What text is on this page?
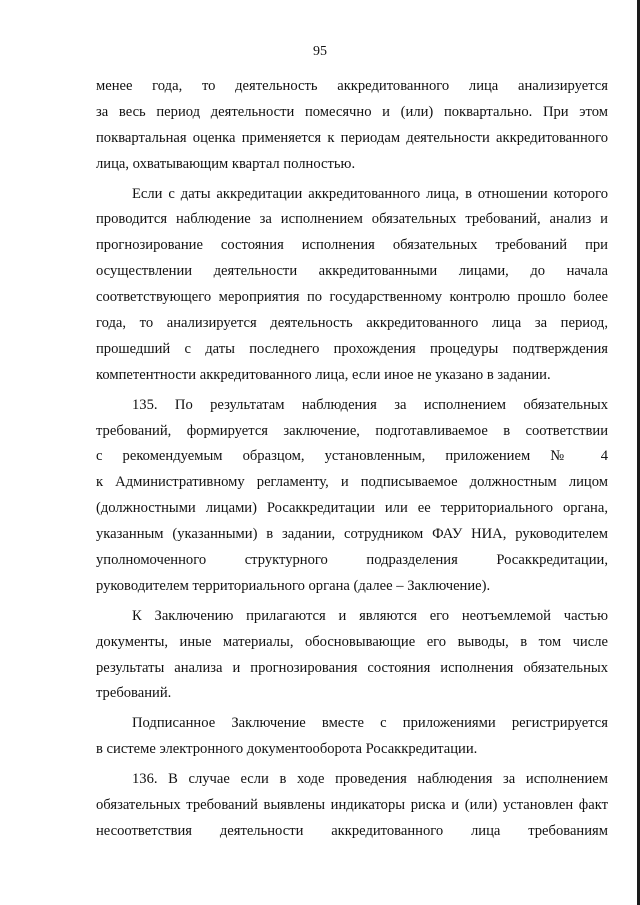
95
менее года, то деятельность аккредитованного лица анализируется
за весь период деятельности помесячно и (или) поквартально. При этом
поквартальная оценка применяется к периодам деятельности аккредитованного
лица, охватывающим квартал полностью.
Если с даты аккредитации аккредитованного лица, в отношении которого
проводится наблюдение за исполнением обязательных требований, анализ и
прогнозирование состояния исполнения обязательных требований при
осуществлении деятельности аккредитованными лицами, до начала
соответствующего мероприятия по государственному контролю прошло более
года, то анализируется деятельность аккредитованного лица за период,
прошедший с даты последнего прохождения процедуры подтверждения
компетентности аккредитованного лица, если иное не указано в задании.
135. По результатам наблюдения за исполнением обязательных
требований, формируется заключение, подготавливаемое в соответствии
с рекомендуемым образцом, установленным, приложением № 4
к Административному регламенту, и подписываемое должностным лицом
(должностными лицами) Росаккредитации или ее территориального органа,
указанным (указанными) в задании, сотрудником ФАУ НИА, руководителем
уполномоченного структурного подразделения Росаккредитации,
руководителем территориального органа (далее – Заключение).
К Заключению прилагаются и являются его неотъемлемой частью
документы, иные материалы, обосновывающие его выводы, в том числе
результаты анализа и прогнозирования состояния исполнения обязательных
требований.
Подписанное Заключение вместе с приложениями регистрируется
в системе электронного документооборота Росаккредитации.
136. В случае если в ходе проведения наблюдения за исполнением
обязательных требований выявлены индикаторы риска и (или) установлен факт
несоответствия деятельности аккредитованного лица требованиям
